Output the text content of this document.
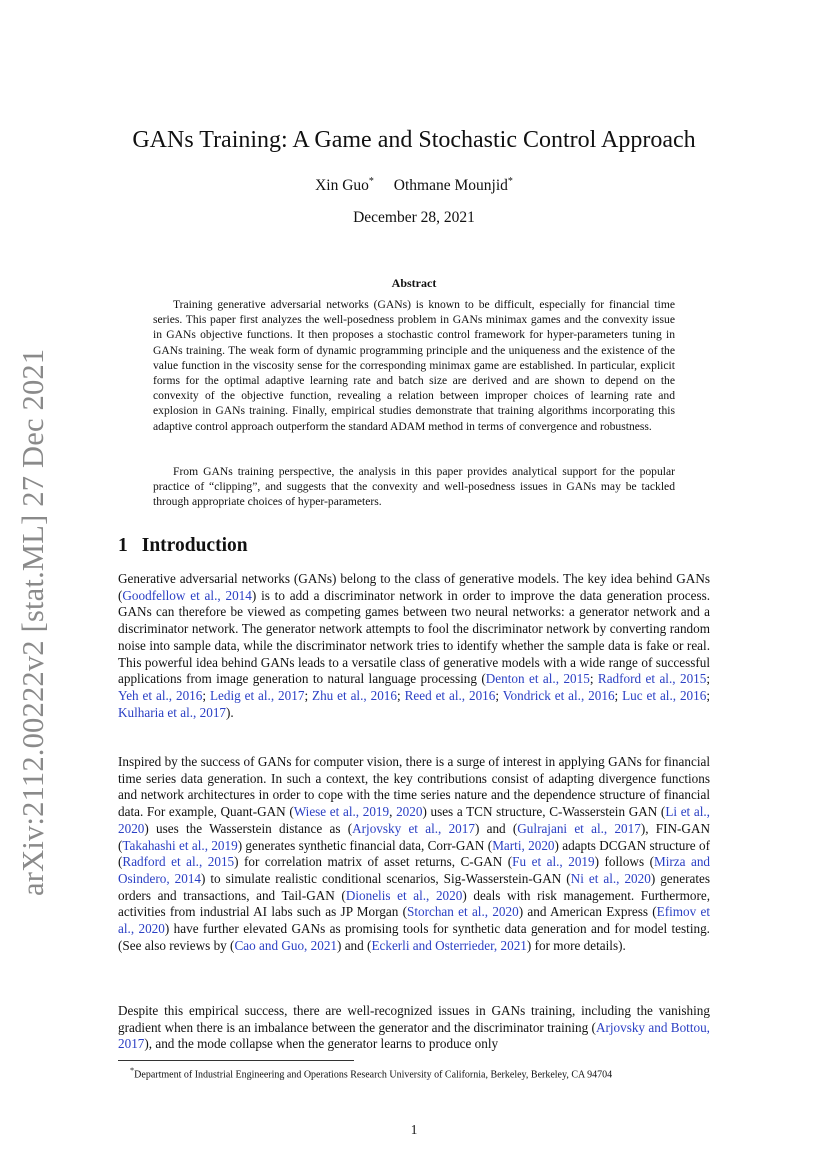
arXiv:2112.00222v2 [stat.ML] 27 Dec 2021
GANs Training: A Game and Stochastic Control Approach
Xin Guo* Othmane Mounjid*
December 28, 2021
Abstract

Training generative adversarial networks (GANs) is known to be difficult, especially for financial time series. This paper first analyzes the well-posedness problem in GANs minimax games and the convexity issue in GANs objective functions. It then proposes a stochastic control framework for hyper-parameters tuning in GANs training. The weak form of dynamic programming principle and the uniqueness and the existence of the value function in the viscosity sense for the corresponding minimax game are established. In particular, explicit forms for the optimal adaptive learning rate and batch size are derived and are shown to depend on the convexity of the objective function, revealing a relation between improper choices of learning rate and explosion in GANs training. Finally, empirical studies demonstrate that training algorithms incorporating this adaptive control approach outperform the standard ADAM method in terms of convergence and robustness.

From GANs training perspective, the analysis in this paper provides analytical support for the popular practice of “clipping”, and suggests that the convexity and well-posedness issues in GANs may be tackled through appropriate choices of hyper-parameters.

1 Introduction

Generative adversarial networks (GANs) belong to the class of generative models. The key idea behind GANs (Goodfellow et al., 2014) is to add a discriminator network in order to improve the data generation process. GANs can therefore be viewed as competing games between two neural networks: a generator network and a discriminator network. The generator network attempts to fool the discriminator network by converting random noise into sample data, while the discriminator network tries to identify whether the sample data is fake or real. This powerful idea behind GANs leads to a versatile class of generative models with a wide range of successful applications from image generation to natural language processing (Denton et al., 2015; Radford et al., 2015; Yeh et al., 2016; Ledig et al., 2017; Zhu et al., 2016; Reed et al., 2016; Vondrick et al., 2016; Luc et al., 2016; Kulharia et al., 2017).

Inspired by the success of GANs for computer vision, there is a surge of interest in applying GANs for financial time series data generation. In such a context, the key contributions consist of adapting divergence functions and network architectures in order to cope with the time series nature and the dependence structure of financial data. For example, Quant-GAN (Wiese et al., 2019, 2020) uses a TCN structure, C-Wasserstein GAN (Li et al., 2020) uses the Wasserstein distance as (Arjovsky et al., 2017) and (Gulrajani et al., 2017), FIN-GAN (Takahashi et al., 2019) generates synthetic financial data, Corr-GAN (Marti, 2020) adapts DCGAN structure of (Radford et al., 2015) for correlation matrix of asset returns, C-GAN (Fu et al., 2019) follows (Mirza and Osindero, 2014) to simulate realistic conditional scenarios, Sig-Wasserstein-GAN (Ni et al., 2020) generates orders and transactions, and Tail-GAN (Dionelis et al., 2020) deals with risk management. Furthermore, activities from industrial AI labs such as JP Morgan (Storchan et al., 2020) and American Express (Efimov et al., 2020) have further elevated GANs as promising tools for synthetic data generation and for model testing. (See also reviews by (Cao and Guo, 2021) and (Eckerli and Osterrieder, 2021) for more details).

Despite this empirical success, there are well-recognized issues in GANs training, including the vanishing gradient when there is an imbalance between the generator and the discriminator training (Arjovsky and Bottou, 2017), and the mode collapse when the generator learns to produce only

*Department of Industrial Engineering and Operations Research University of California, Berkeley, Berkeley, CA 94704

1
